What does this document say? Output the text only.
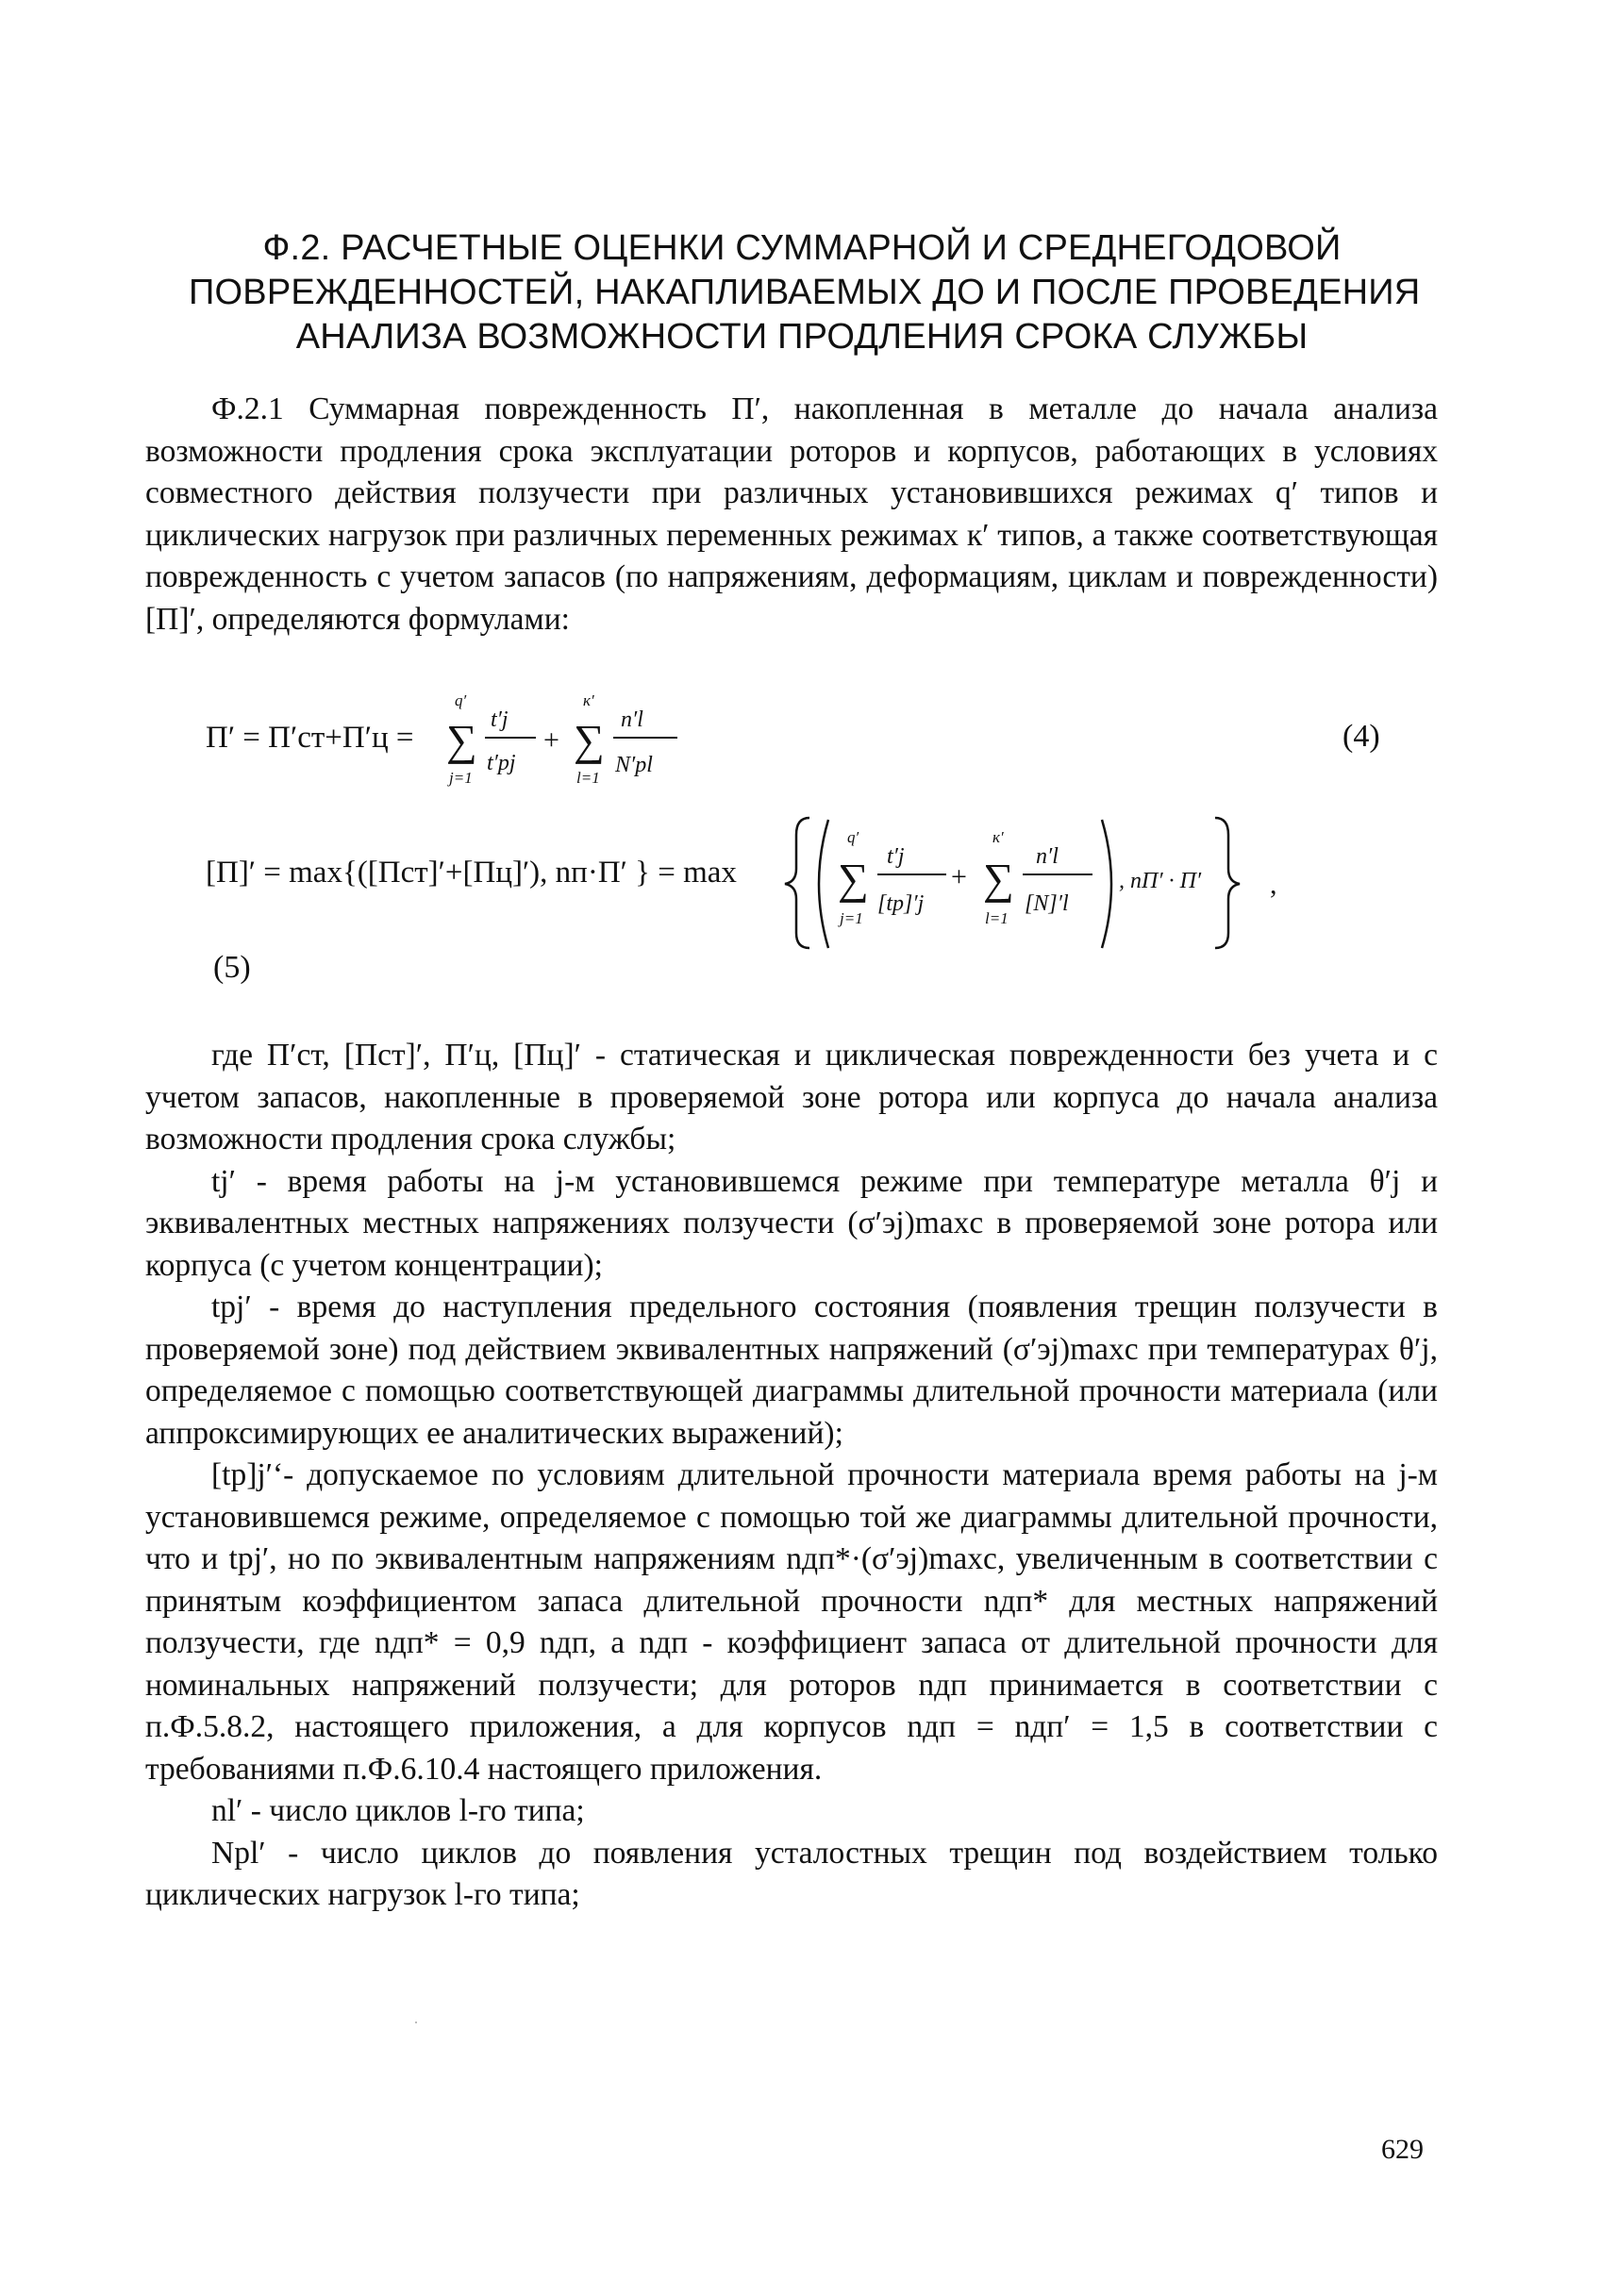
Ф.2. РАСЧЕТНЫЕ ОЦЕНКИ СУММАРНОЙ И СРЕДНЕГОДОВОЙ
ПОВРЕЖДЕННОСТЕЙ, НАКАПЛИВАЕМЫХ ДО И ПОСЛЕ ПРОВЕДЕНИЯ
АНАЛИЗА ВОЗМОЖНОСТИ ПРОДЛЕНИЯ СРОКА СЛУЖБЫ

Ф.2.1 Суммарная поврежденность П′, накопленная в металле до начала анализа возможности продления срока эксплуатации роторов и корпусов, работающих в условиях совместного действия ползучести при различных установившихся режимах q′ типов и циклических нагрузок при различных переменных режимах к′ типов, а также соответствующая поврежденность с учетом запасов (по напряжениям, деформациям, циклам и поврежденности) [П]′, определяются формулами:

П′ = П′ст+П′ц =
q′
∑
j=1
t′j
t′pj
+
к′
∑
l=1
n′l
N′pl
(4)
[П]′ = max{([Пст]′+[Пц]′), nп·П′ } = max
q′
∑
j=1
t′j
[tp]′j
+
к′
∑
l=1
n′l
[N]′l
, nП′ · П′ ,
(5)

где П′ст, [Пст]′, П′ц, [Пц]′ - статическая и циклическая поврежденности без учета и с учетом запасов, накопленные в проверяемой зоне ротора или корпуса до начала анализа возможности продления срока службы;

tj′ - время работы на j-м установившемся режиме при температуре металла θ′j и эквивалентных местных напряжениях ползучести (σ′эj)maxc в проверяемой зоне ротора или корпуса (с учетом концентрации);

tpj′ - время до наступления предельного состояния (появления трещин ползучести в проверяемой зоне) под действием эквивалентных напряжений (σ′эj)maxc при температурах θ′j, определяемое с помощью соответствующей диаграммы длительной прочности материала (или аппроксимирующих ее аналитических выражений);

[tp]j′‘- допускаемое по условиям длительной прочности материала время работы на j-м установившемся режиме, определяемое с помощью той же диаграммы длительной прочности, что и tpj′, но по эквивалентным напряжениям nдп*·(σ′эj)maxc, увеличенным в соответствии с принятым коэффициентом запаса длительной прочности nдп* для местных напряжений ползучести, где nдп* = 0,9 nдп, а nдп - коэффициент запаса от длительной прочности для номинальных напряжений ползучести; для роторов nдп принимается в соответствии с п.Ф.5.8.2, настоящего приложения, а для корпусов nдп = nдп′ = 1,5 в соответствии с требованиями п.Ф.6.10.4 настоящего приложения.

nl′ - число циклов l-го типа;

Npl′ - число циклов до появления усталостных трещин под воздействием только циклических нагрузок l-го типа;

629
